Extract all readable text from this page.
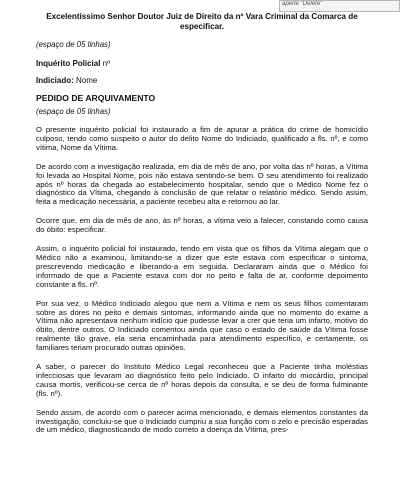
aperte "Delete"
Excelentíssimo Senhor Doutor Juiz de Direito da nº Vara Criminal da Comarca de especificar.
(espaço de 05 linhas)
Inquérito Policial nº
Indiciado: Nome
PEDIDO DE ARQUIVAMENTO
(espaço de 05 linhas)

O presente inquérito policial foi instaurado a fim de apurar a prática do crime de homicídio culposo, tendo como suspeito o autor do delito Nome do Indiciado, qualificado a fls. nº, e como vítima, Nome da Vítima.

De acordo com a investigação realizada, em dia de mês de ano, por volta das nº horas, a Vítima foi levada ao Hospital Nome, pois não estava sentindo-se bem. O seu atendimento foi realizado após nº horas da chegada ao estabelecimento hospitalar, sendo que o Médico Nome fez o diagnóstico da Vítima, chegando à conclusão de que relatar o relatório médico. Sendo assim, feita a medicação necessária, a paciente recebeu alta e retornou ao lar.

Ocorre que, em dia de mês de ano, às nº horas, a vítima veio a falecer, constando como causa do óbito: especificar.

Assim, o inquérito policial foi instaurado, tendo em vista que os filhos da Vítima alegam que o Médico não a examinou, limitando-se a dizer que este estava com especificar o sintoma, prescrevendo medicação e liberando-a em seguida. Declararam ainda que o Médico foi informado de que a Paciente estava com dor no peito e falta de ar, conforme depoimento constante a fls. nº.

Por sua vez, o Médico Indiciado alegou que nem a Vítima e nem os seus filhos comentaram sobre as dores no peito e demais sintomas, informando ainda que no momento do exame a Vítima não apresentava nenhum indício que pudesse levar a crer que teria um infarto, motivo do óbito, dentre outros. O Indiciado comentou ainda que caso o estado de saúde da Vítima fosse realmente tão grave, ela seria encaminhada para atendimento específico, e certamente, os familiares teriam procurado outras opiniões.

A saber, o parecer do Instituto Médico Legal reconheceu que a Paciente tinha moléstias infecciosas que levaram ao diagnóstico feito pelo Indiciado. O infarto do miocárdio, principal causa mortis, verificou-se cerca de nº horas depois da consulta, e se deu de forma fulminante (fls. nº).

Sendo assim, de acordo com o parecer acima mencionado, e demais elementos constantes da investigação, concluiu-se que o Indiciado cumpriu a sua função com o zelo e precisão esperadas de um médico, diagnosticando de modo correto a doença da Vítima, pres-
